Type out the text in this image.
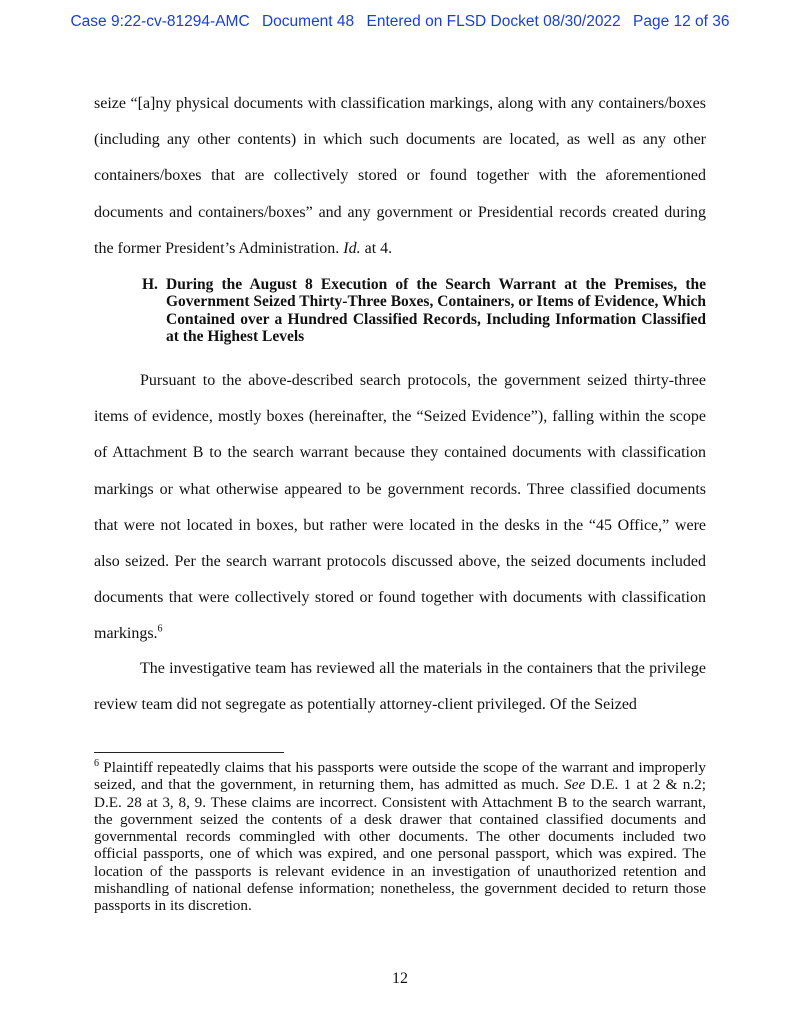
Case 9:22-cv-81294-AMC Document 48 Entered on FLSD Docket 08/30/2022 Page 12 of 36

seize “[a]ny physical documents with classification markings, along with any containers/boxes (including any other contents) in which such documents are located, as well as any other containers/boxes that are collectively stored or found together with the aforementioned documents and containers/boxes” and any government or Presidential records created during the former President’s Administration. Id. at 4.

H. During the August 8 Execution of the Search Warrant at the Premises, the Government Seized Thirty-Three Boxes, Containers, or Items of Evidence, Which Contained over a Hundred Classified Records, Including Information Classified at the Highest Levels

Pursuant to the above-described search protocols, the government seized thirty-three items of evidence, mostly boxes (hereinafter, the “Seized Evidence”), falling within the scope of Attachment B to the search warrant because they contained documents with classification markings or what otherwise appeared to be government records. Three classified documents that were not located in boxes, but rather were located in the desks in the “45 Office,” were also seized. Per the search warrant protocols discussed above, the seized documents included documents that were collectively stored or found together with documents with classification markings.$^6$

The investigative team has reviewed all the materials in the containers that the privilege review team did not segregate as potentially attorney-client privileged. Of the Seized

$^6$ Plaintiff repeatedly claims that his passports were outside the scope of the warrant and improperly seized, and that the government, in returning them, has admitted as much. See D.E. 1 at 2 & n.2; D.E. 28 at 3, 8, 9. These claims are incorrect. Consistent with Attachment B to the search warrant, the government seized the contents of a desk drawer that contained classified documents and governmental records commingled with other documents. The other documents included two official passports, one of which was expired, and one personal passport, which was expired. The location of the passports is relevant evidence in an investigation of unauthorized retention and mishandling of national defense information; nonetheless, the government decided to return those passports in its discretion.

12
